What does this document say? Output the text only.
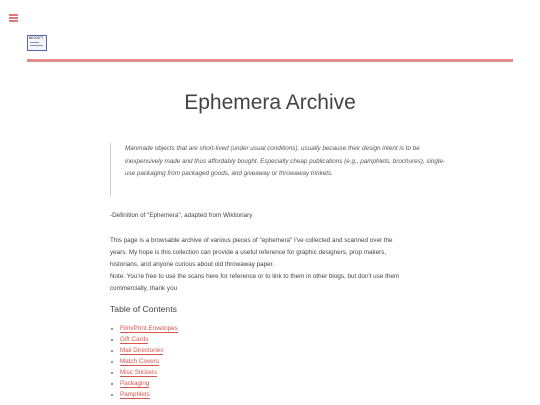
WDISOFT
Ephemera Archive
Manmade objects that are short-lived (under usual conditions), usually because their design intent is to be inexpensively made and thus affordably bought. Especially cheap publications (e.g., pamphlets, brochures), single-use packaging from packaged goods, and giveaway or throwaway trinkets.
-Definition of "Ephemera", adapted from Wiktionary
This page is a browsable archive of various pieces of "ephemera" I've collected and scanned over the
years. My hope is this collection can provide a useful reference for graphic designers, prop makers,
historians, and anyone curious about old throwaway paper.
Note: You're free to use the scans here for reference or to link to them in other blogs, but don't use them
commercially, thank you
Table of Contents
Film/Print Envelopes
Gift Cards
Mail Directories
Match Covers
Misc Stickers
Packaging
Pamphlets
